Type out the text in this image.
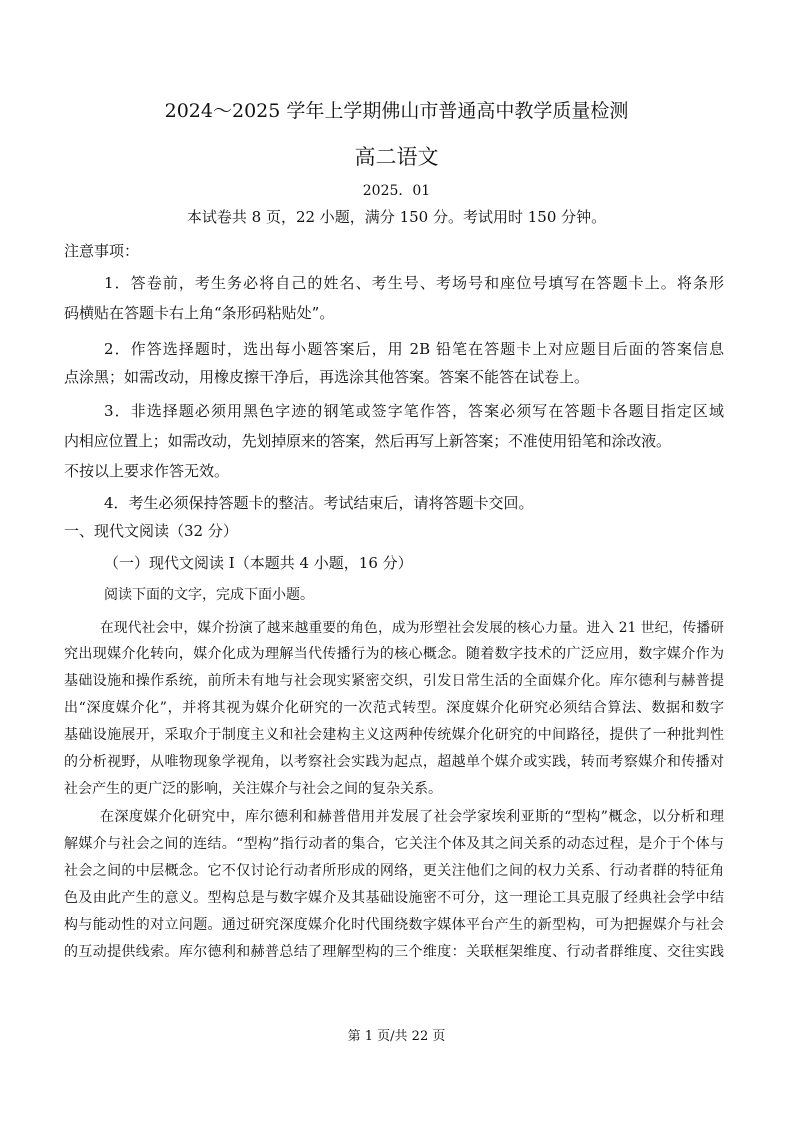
2024～2025 学年上学期佛山市普通高中教学质量检测
高二语文
2025．01
本试卷共 8 页，22 小题，满分 150 分。考试用时 150 分钟。
注意事项：
1．答卷前，考生务必将自己的姓名、考生号、考场号和座位号填写在答题卡上。将条形
码横贴在答题卡右上角“条形码粘贴处”。
2．作答选择题时，选出每小题答案后，用 2B 铅笔在答题卡上对应题目后面的答案信息
点涂黑；如需改动，用橡皮擦干净后，再选涂其他答案。答案不能答在试卷上。
3．非选择题必须用黑色字迹的钢笔或签字笔作答，答案必须写在答题卡各题目指定区域
内相应位置上；如需改动，先划掉原来的答案，然后再写上新答案；不准使用铅笔和涂改液。
不按以上要求作答无效。
4．考生必须保持答题卡的整洁。考试结束后，请将答题卡交回。
一、现代文阅读（32 分）
（一）现代文阅读 I（本题共 4 小题，16 分）
阅读下面的文字，完成下面小题。
在现代社会中，媒介扮演了越来越重要的角色，成为形塑社会发展的核心力量。进入 21 世纪，传播研
究出现媒介化转向，媒介化成为理解当代传播行为的核心概念。随着数字技术的广泛应用，数字媒介作为
基础设施和操作系统，前所未有地与社会现实紧密交织，引发日常生活的全面媒介化。库尔德利与赫普提
出“深度媒介化”，并将其视为媒介化研究的一次范式转型。深度媒介化研究必须结合算法、数据和数字
基础设施展开，采取介于制度主义和社会建构主义这两种传统媒介化研究的中间路径，提供了一种批判性
的分析视野，从唯物现象学视角，以考察社会实践为起点，超越单个媒介或实践，转而考察媒介和传播对
社会产生的更广泛的影响，关注媒介与社会之间的复杂关系。
在深度媒介化研究中，库尔德利和赫普借用并发展了社会学家埃利亚斯的“型构”概念，以分析和理
解媒介与社会之间的连结。“型构”指行动者的集合，它关注个体及其之间关系的动态过程，是介于个体与
社会之间的中层概念。它不仅讨论行动者所形成的网络，更关注他们之间的权力关系、行动者群的特征角
色及由此产生的意义。型构总是与数字媒介及其基础设施密不可分，这一理论工具克服了经典社会学中结
构与能动性的对立问题。通过研究深度媒介化时代围绕数字媒体平台产生的新型构，可为把握媒介与社会
的互动提供线索。库尔德利和赫普总结了理解型构的三个维度：关联框架维度、行动者群维度、交往实践
第 1 页/共 22 页
